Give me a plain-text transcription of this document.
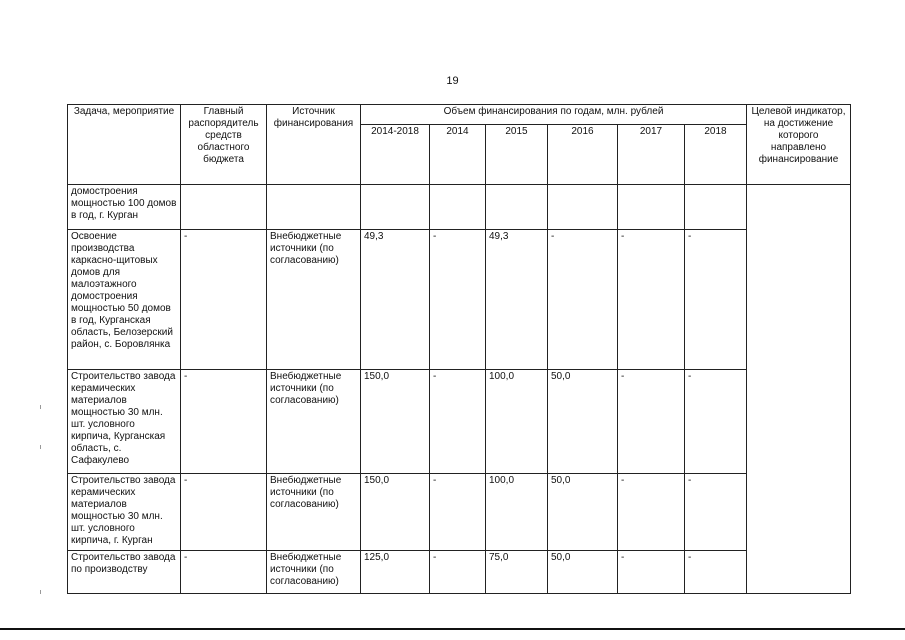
19
Задача, мероприятие	Главный распорядитель средств областного бюджета	Источник финансирования	Объем финансирования по годам, млн. рублей						Целевой индикатор, на достижение которого направлено финансирование
			2014-2018	2014	2015	2016	2017	2018	
домостроения мощностью 100 домов в год, г. Курган									
Освоение производства каркасно-щитовых домов для малоэтажного домостроения мощностью 50 домов в год, Курганская область, Белозерский район, с. Боровлянка	-	Внебюджетные источники (по согласованию)	49,3	-	49,3	-	-	-	
Строительство завода керамических материалов мощностью 30 млн. шт. условного кирпича, Курганская область, с. Сафакулево	-	Внебюджетные источники (по согласованию)	150,0	-	100,0	50,0	-	-	
Строительство завода керамических материалов мощностью 30 млн. шт. условного кирпича, г. Курган	-	Внебюджетные источники (по согласованию)	150,0	-	100,0	50,0	-	-	
Строительство завода по производству	-	Внебюджетные источники (по согласованию)	125,0	-	75,0	50,0	-	-	
